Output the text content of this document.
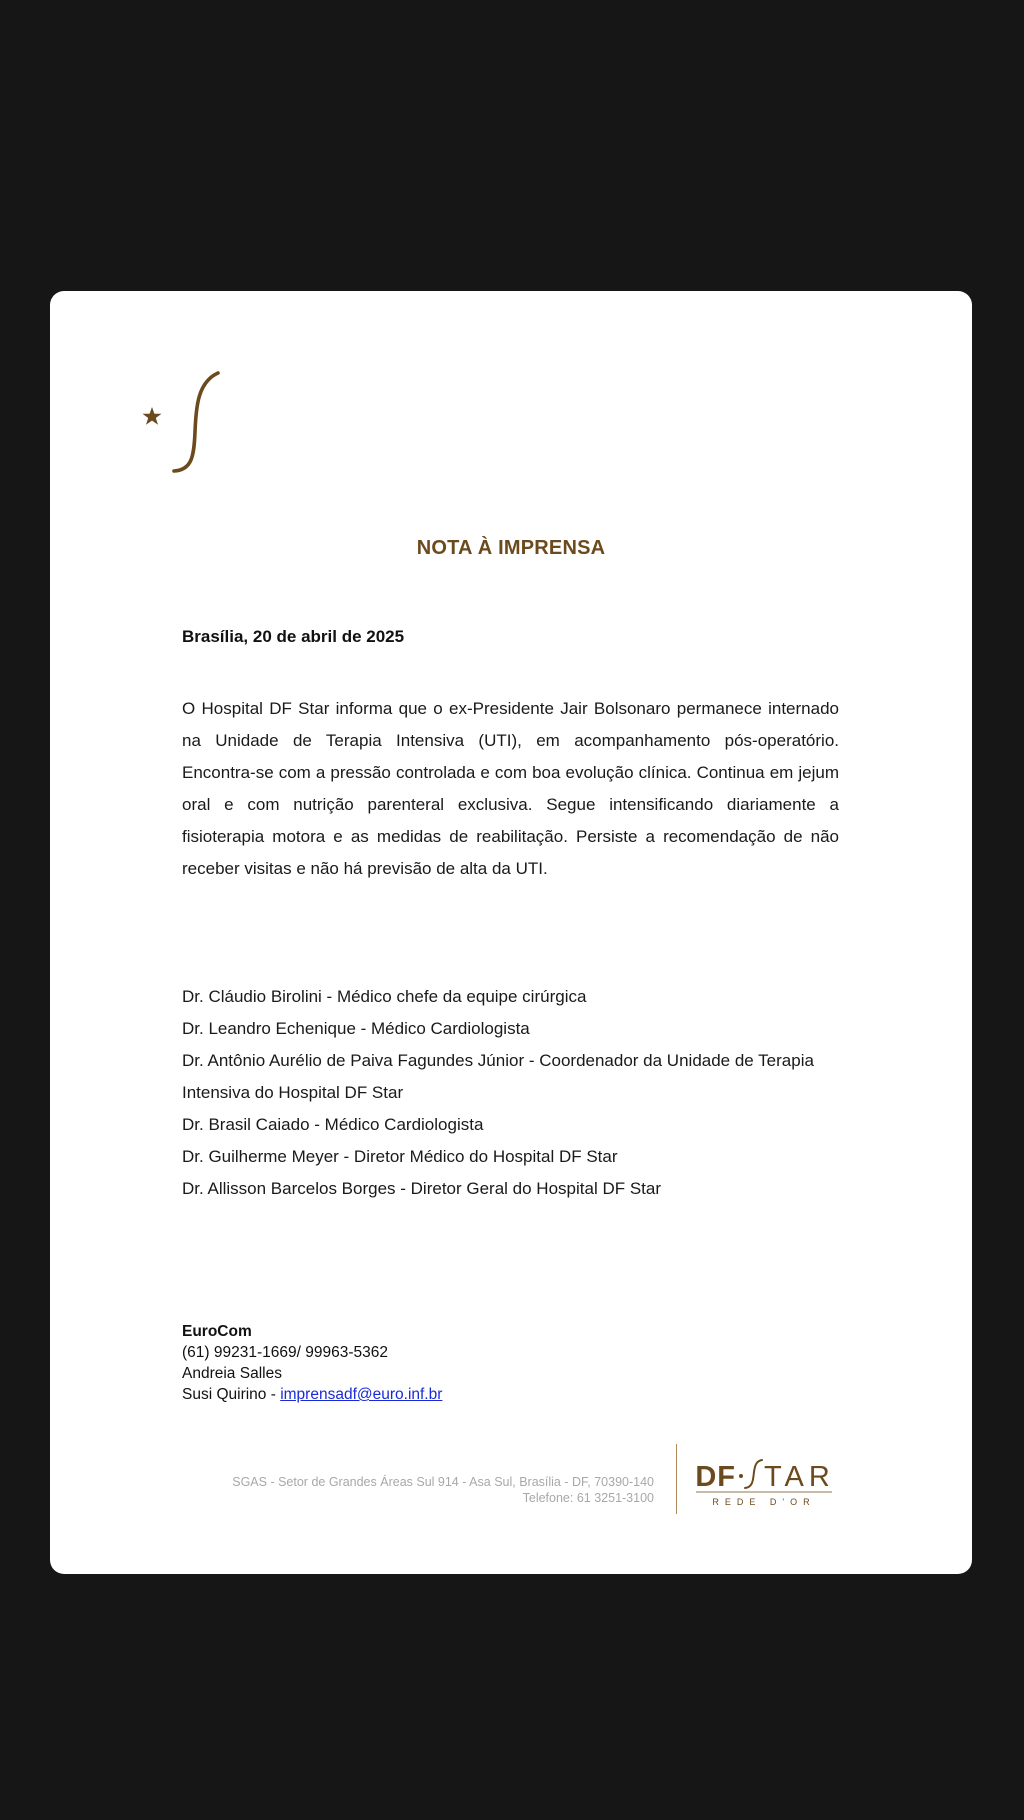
NOTA À IMPRENSA
Brasília, 20 de abril de 2025
O Hospital DF Star informa que o ex-Presidente Jair Bolsonaro permanece internado na Unidade de Terapia Intensiva (UTI), em acompanhamento pós-operatório. Encontra-se com a pressão controlada e com boa evolução clínica. Continua em jejum oral e com nutrição parenteral exclusiva. Segue intensificando diariamente a fisioterapia motora e as medidas de reabilitação. Persiste a recomendação de não receber visitas e não há previsão de alta da UTI.
Dr. Cláudio Birolini - Médico chefe da equipe cirúrgica
Dr. Leandro Echenique - Médico Cardiologista
Dr. Antônio Aurélio de Paiva Fagundes Júnior - Coordenador da Unidade de Terapia Intensiva do Hospital DF Star
Dr. Brasil Caiado - Médico Cardiologista
Dr. Guilherme Meyer - Diretor Médico do Hospital DF Star
Dr. Allisson Barcelos Borges - Diretor Geral do Hospital DF Star
EuroCom
(61) 99231-1669/ 99963-5362
Andreia Salles
Susi Quirino - imprensadf@euro.inf.br
SGAS - Setor de Grandes Áreas Sul 914 - Asa Sul, Brasília - DF, 70390-140
Telefone: 61 3251-3100
DF TAR
REDE D'OR
